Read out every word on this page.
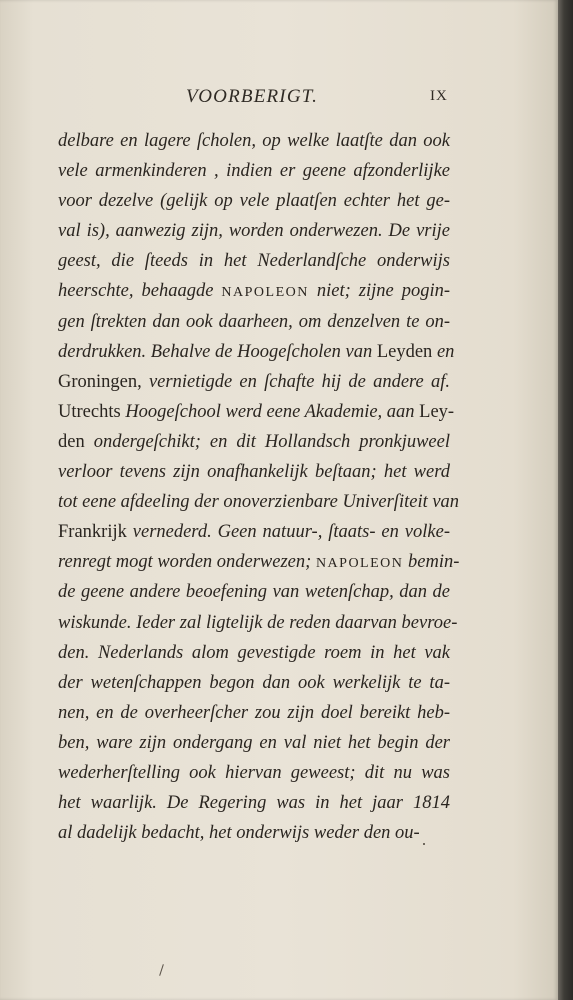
VOORBERIGT.	IX
delbare en lagere ſcholen, op welke laatſte dan ook
vele armenkinderen , indien er geene afzonderlijke
voor dezelve (gelijk op vele plaatſen echter het ge-
val is), aanwezig zijn, worden onderwezen. De vrije
geest, die ſteeds in het Nederlandſche onderwijs
heerschte, behaagde NAPOLEON niet; zijne pogin-
gen ſtrekten dan ook daarheen, om denzelven te on-
derdrukken. Behalve de Hoogeſcholen van Leyden en
Groningen, vernietigde en ſchafte hij de andere af.
Utrechts Hoogeſchool werd eene Akademie, aan Ley-
den ondergeſchikt; en dit Hollandsch pronkjuweel
verloor tevens zijn onafhankelijk beſtaan; het werd
tot eene afdeeling der onoverzienbare Univerſiteit van
Frankrijk vernederd. Geen natuur-, ſtaats- en volke-
renregt mogt worden onderwezen; NAPOLEON bemin-
de geene andere beoefening van wetenſchap, dan de
wiskunde. Ieder zal ligtelijk de reden daarvan bevroe-
den. Nederlands alom gevestigde roem in het vak
der wetenſchappen begon dan ook werkelijk te ta-
nen, en de overheerſcher zou zijn doel bereikt heb-
ben, ware zijn ondergang en val niet het begin der
wederherſtelling ook hiervan geweest; dit nu was
het waarlijk. De Regering was in het jaar 1814
al dadelijk bedacht, het onderwijs weder den ou-
